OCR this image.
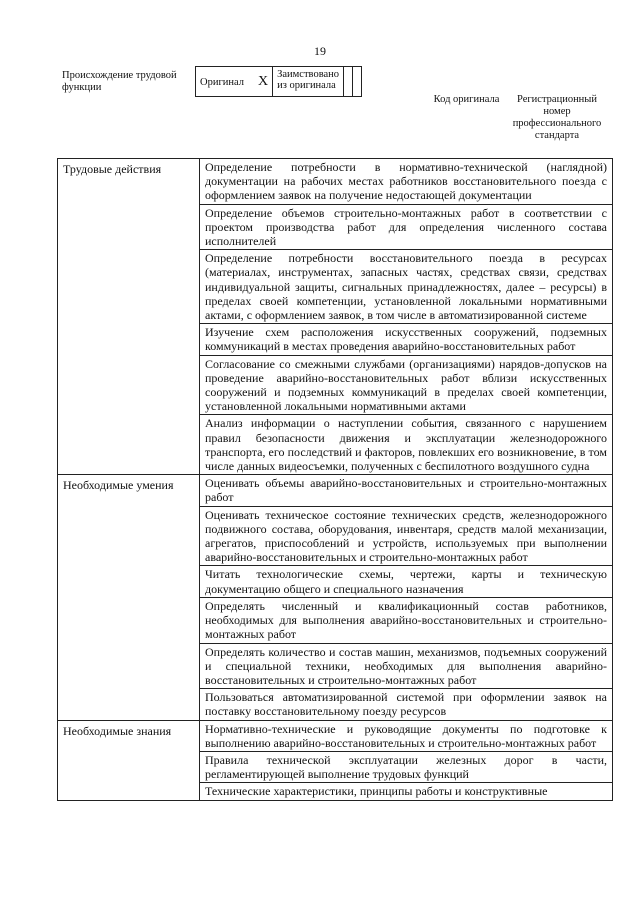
19
Происхождение трудовой функции	Оригинал X	Заимствовано из оригинала		
Код оригинала	Регистрационный номер профессионального стандарта
Трудовые действия	Определение потребности в нормативно-технической (наглядной) документации на рабочих местах работников восстановительного поезда с оформлением заявок на получение недостающей документации
	Определение объемов строительно-монтажных работ в соответствии с проектом производства работ для определения численного состава исполнителей
	Определение потребности восстановительного поезда в ресурсах (материалах, инструментах, запасных частях, средствах связи, средствах индивидуальной защиты, сигнальных принадлежностях, далее – ресурсы) в пределах своей компетенции, установленной локальными нормативными актами, с оформлением заявок, в том числе в автоматизированной системе
	Изучение схем расположения искусственных сооружений, подземных коммуникаций в местах проведения аварийно-восстановительных работ
	Согласование со смежными службами (организациями) нарядов-допусков на проведение аварийно-восстановительных работ вблизи искусственных сооружений и подземных коммуникаций в пределах своей компетенции, установленной локальными нормативными актами
	Анализ информации о наступлении события, связанного с нарушением правил безопасности движения и эксплуатации железнодорожного транспорта, его последствий и факторов, повлекших его возникновение, в том числе данных видеосъемки, полученных с беспилотного воздушного судна
Необходимые умения	Оценивать объемы аварийно-восстановительных и строительно-монтажных работ
	Оценивать техническое состояние технических средств, железнодорожного подвижного состава, оборудования, инвентаря, средств малой механизации, агрегатов, приспособлений и устройств, используемых при выполнении аварийно-восстановительных и строительно-монтажных работ
	Читать технологические схемы, чертежи, карты и техническую документацию общего и специального назначения
	Определять численный и квалификационный состав работников, необходимых для выполнения аварийно-восстановительных и строительно-монтажных работ
	Определять количество и состав машин, механизмов, подъемных сооружений и специальной техники, необходимых для выполнения аварийно-восстановительных и строительно-монтажных работ
	Пользоваться автоматизированной системой при оформлении заявок на поставку восстановительному поезду ресурсов
Необходимые знания	Нормативно-технические и руководящие документы по подготовке к выполнению аварийно-восстановительных и строительно-монтажных работ
	Правила технической эксплуатации железных дорог в части, регламентирующей выполнение трудовых функций
	Технические характеристики, принципы работы и конструктивные
